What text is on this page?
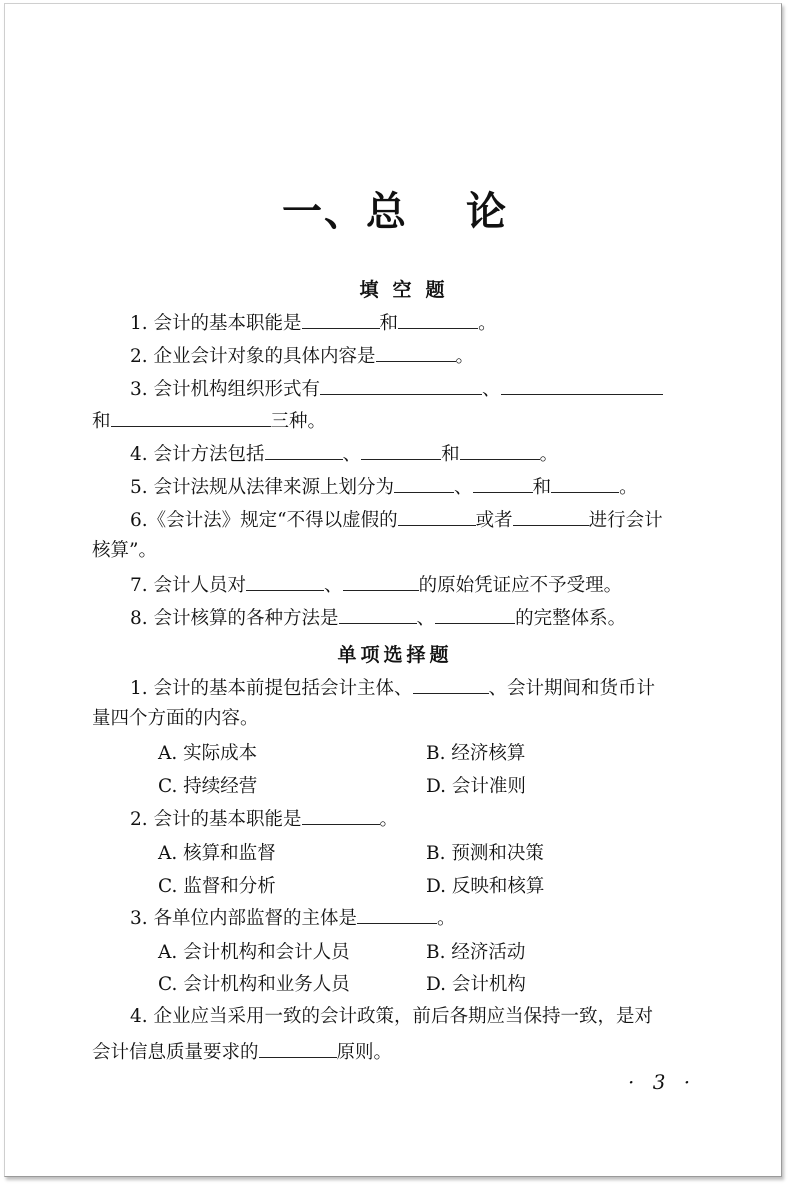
一、总 论
填空题
1. 会计的基本职能是	和	。
2. 企业会计对象的具体内容是	。
3. 会计机构组织形式有	、
和	三种。
4. 会计方法包括	、	和	。
5. 会计法规从法律来源上划分为	、	和	。
6.《会计法》规定“不得以虚假的	或者	进行会计
核算”。
7. 会计人员对	、	的原始凭证应不予受理。
8. 会计核算的各种方法是	、	的完整体系。
单项选择题
1. 会计的基本前提包括会计主体、	、会计期间和货币计
量四个方面的内容。
A. 实际成本	B. 经济核算
C. 持续经营	D. 会计准则
2. 会计的基本职能是	。
A. 核算和监督	B. 预测和决策
C. 监督和分析	D. 反映和核算
3. 各单位内部监督的主体是	。
A. 会计机构和会计人员	B. 经济活动
C. 会计机构和业务人员	D. 会计机构
4. 企业应当采用一致的会计政策，前后各期应当保持一致，是对
会计信息质量要求的	原则。
· 3 ·
